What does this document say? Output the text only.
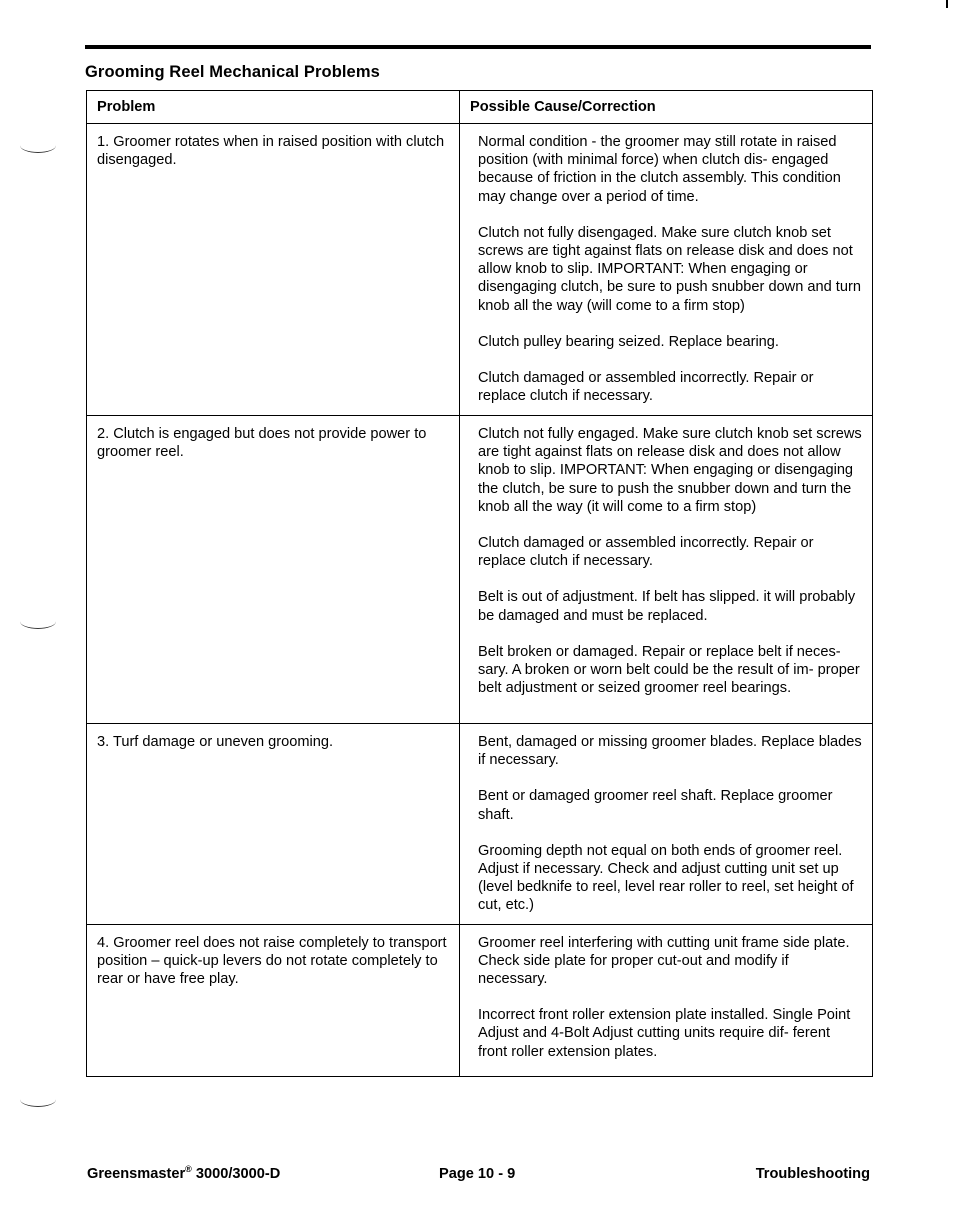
Grooming Reel Mechanical Problems
Problem	Possible Cause/Correction
1. Groomer rotates when in raised position with clutch disengaged.	Normal condition - the groomer may still rotate in raised position (with minimal force) when clutch dis- engaged because of friction in the clutch assembly. This condition may change over a period of time.

Clutch not fully disengaged. Make sure clutch knob set screws are tight against flats on release disk and does not allow knob to slip. IMPORTANT: When engaging or disengaging clutch, be sure to push snubber down and turn knob all the way (will come to a firm stop)

Clutch pulley bearing seized. Replace bearing.

Clutch damaged or assembled incorrectly. Repair or replace clutch if necessary.

2. Clutch is engaged but does not provide power to groomer reel.	Clutch not fully engaged. Make sure clutch knob set screws are tight against flats on release disk and does not allow knob to slip. IMPORTANT: When engaging or disengaging the clutch, be sure to push the snubber down and turn the knob all the way (it will come to a firm stop)

Clutch damaged or assembled incorrectly. Repair or replace clutch if necessary.

Belt is out of adjustment. If belt has slipped. it will probably be damaged and must be replaced.

Belt broken or damaged. Repair or replace belt if neces- sary. A broken or worn belt could be the result of im- proper belt adjustment or seized groomer reel bearings.

3. Turf damage or uneven grooming.	Bent, damaged or missing groomer blades. Replace blades if necessary.

Bent or damaged groomer reel shaft. Replace groomer shaft.

Grooming depth not equal on both ends of groomer reel. Adjust if necessary. Check and adjust cutting unit set up (level bedknife to reel, level rear roller to reel, set height of cut, etc.)

4. Groomer reel does not raise completely to transport position – quick-up levers do not rotate completely to rear or have free play.	Groomer reel interfering with cutting unit frame side plate. Check side plate for proper cut-out and modify if necessary.

Incorrect front roller extension plate installed. Single Point Adjust and 4-Bolt Adjust cutting units require dif- ferent front roller extension plates.

Greensmaster® 3000/3000-D	Page 10 - 9	Troubleshooting
